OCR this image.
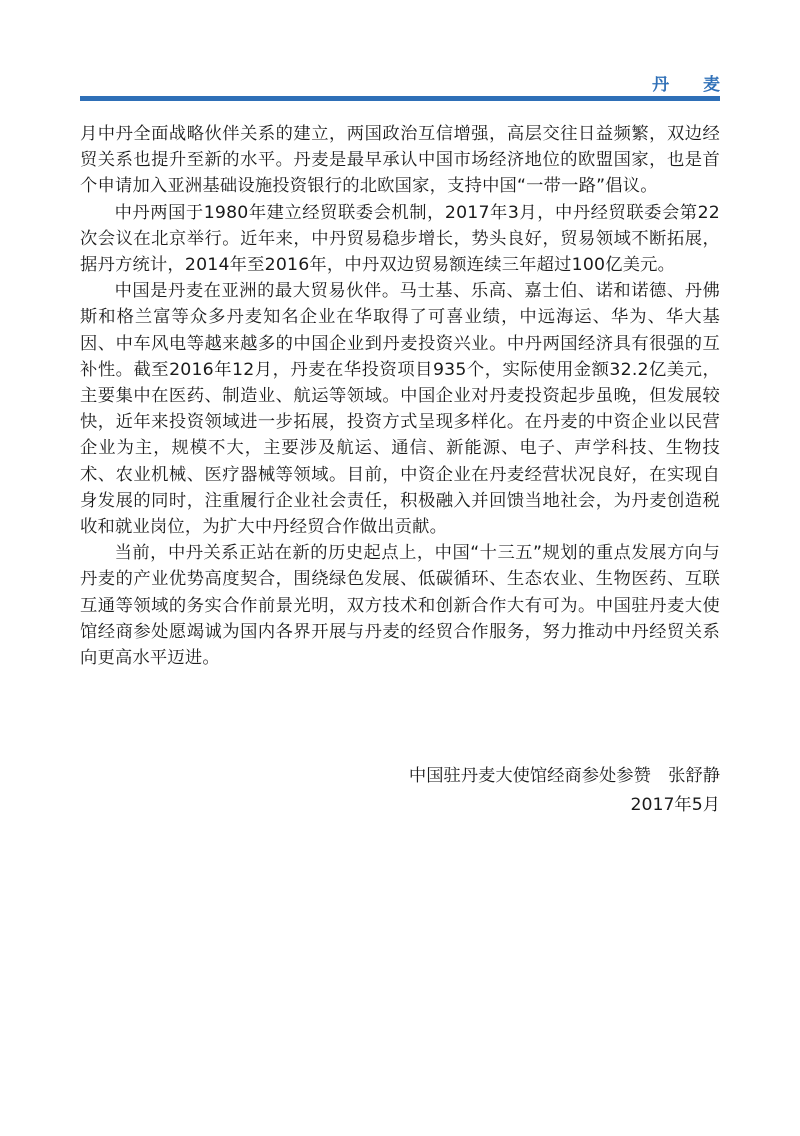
丹 麦

月中丹全面战略伙伴关系的建立，两国政治互信增强，高层交往日益频繁，双边经贸关系也提升至新的水平。丹麦是最早承认中国市场经济地位的欧盟国家，也是首个申请加入亚洲基础设施投资银行的北欧国家，支持中国“一带一路”倡议。

中丹两国于1980年建立经贸联委会机制，2017年3月，中丹经贸联委会第22次会议在北京举行。近年来，中丹贸易稳步增长，势头良好，贸易领域不断拓展，据丹方统计，2014年至2016年，中丹双边贸易额连续三年超过100亿美元。

中国是丹麦在亚洲的最大贸易伙伴。马士基、乐高、嘉士伯、诺和诺德、丹佛斯和格兰富等众多丹麦知名企业在华取得了可喜业绩，中远海运、华为、华大基因、中车风电等越来越多的中国企业到丹麦投资兴业。中丹两国经济具有很强的互补性。截至2016年12月，丹麦在华投资项目935个，实际使用金额32.2亿美元，主要集中在医药、制造业、航运等领域。中国企业对丹麦投资起步虽晚，但发展较快，近年来投资领域进一步拓展，投资方式呈现多样化。在丹麦的中资企业以民营企业为主，规模不大，主要涉及航运、通信、新能源、电子、声学科技、生物技术、农业机械、医疗器械等领域。目前，中资企业在丹麦经营状况良好，在实现自身发展的同时，注重履行企业社会责任，积极融入并回馈当地社会，为丹麦创造税收和就业岗位，为扩大中丹经贸合作做出贡献。

当前，中丹关系正站在新的历史起点上，中国“十三五”规划的重点发展方向与丹麦的产业优势高度契合，围绕绿色发展、低碳循环、生态农业、生物医药、互联互通等领域的务实合作前景光明，双方技术和创新合作大有可为。中国驻丹麦大使馆经商参处愿竭诚为国内各界开展与丹麦的经贸合作服务，努力推动中丹经贸关系向更高水平迈进。

中国驻丹麦大使馆经商参处参赞　张舒静
2017年5月
